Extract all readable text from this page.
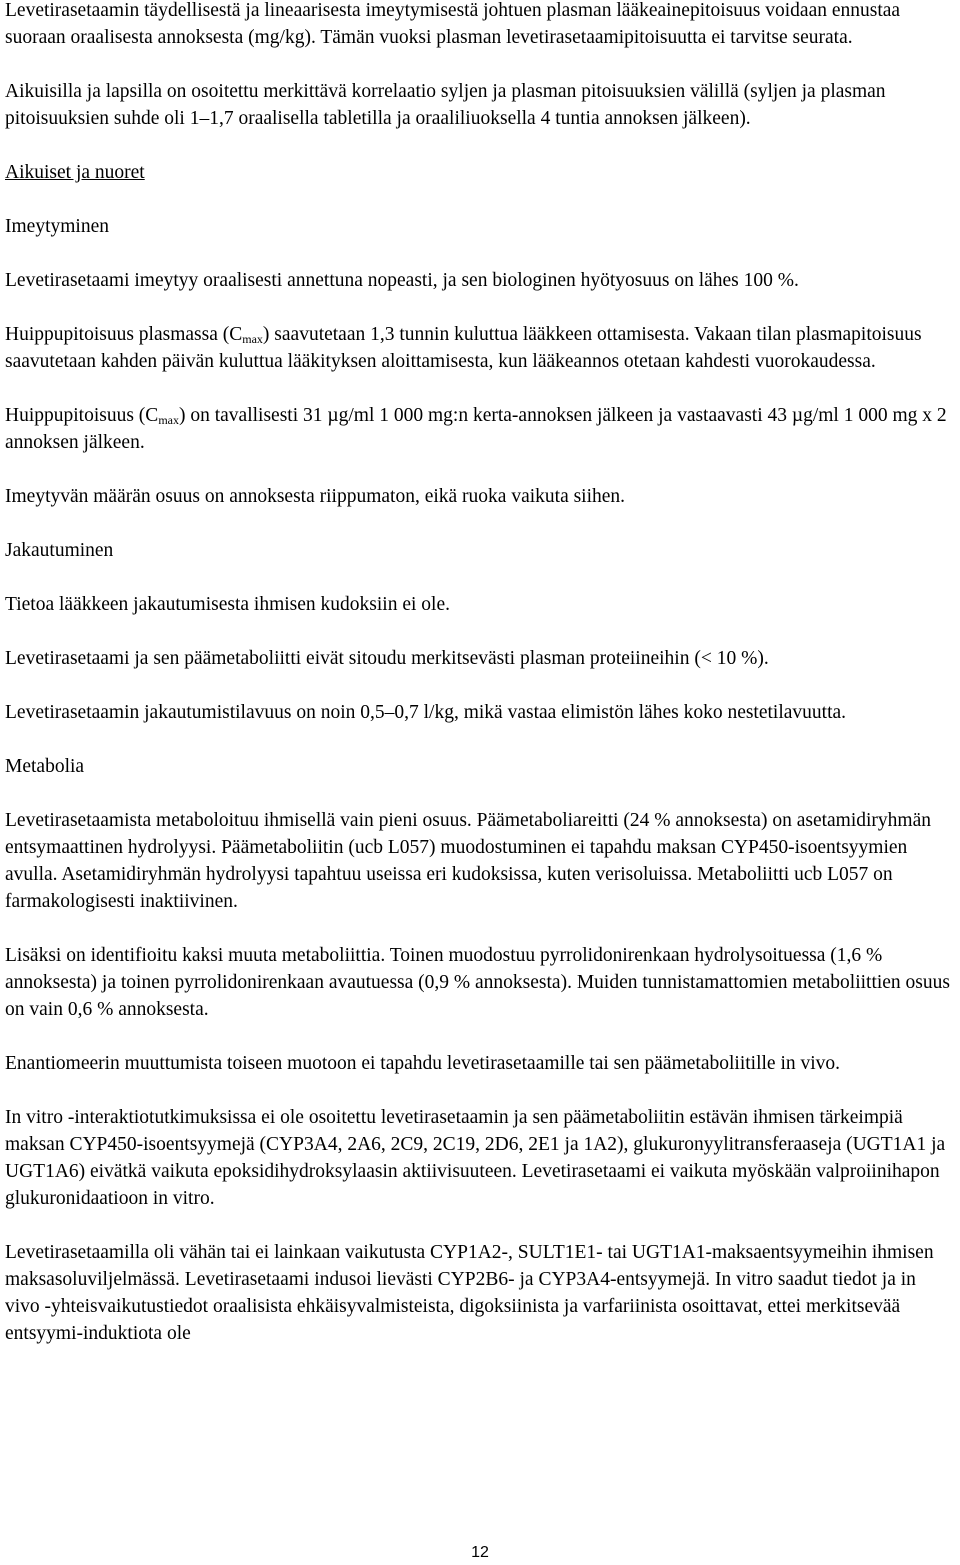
Levetirasetaamin täydellisestä ja lineaarisesta imeytymisestä johtuen plasman lääkeainepitoisuus voidaan ennustaa suoraan oraalisesta annoksesta (mg/kg). Tämän vuoksi plasman levetirasetaamipitoisuutta ei tarvitse seurata.

Aikuisilla ja lapsilla on osoitettu merkittävä korrelaatio syljen ja plasman pitoisuuksien välillä (syljen ja plasman pitoisuuksien suhde oli 1–1,7 oraalisella tabletilla ja oraaliliuoksella 4 tuntia annoksen jälkeen).

Aikuiset ja nuoret

Imeytyminen

Levetirasetaami imeytyy oraalisesti annettuna nopeasti, ja sen biologinen hyötyosuus on lähes 100 %.

Huippupitoisuus plasmassa $(C_{max})$ saavutetaan 1,3 tunnin kuluttua lääkkeen ottamisesta. Vakaan tilan plasmapitoisuus saavutetaan kahden päivän kuluttua lääkityksen aloittamisesta, kun lääkeannos otetaan kahdesti vuorokaudessa.

Huippupitoisuus $(C_{max})$ on tavallisesti 31 µg/ml 1 000 mg:n kerta-annoksen jälkeen ja vastaavasti 43 µg/ml 1 000 mg x 2 annoksen jälkeen.

Imeytyvän määrän osuus on annoksesta riippumaton, eikä ruoka vaikuta siihen.

Jakautuminen

Tietoa lääkkeen jakautumisesta ihmisen kudoksiin ei ole.

Levetirasetaami ja sen päämetaboliitti eivät sitoudu merkitsevästi plasman proteiineihin (< 10 %).

Levetirasetaamin jakautumistilavuus on noin 0,5–0,7 l/kg, mikä vastaa elimistön lähes koko nestetilavuutta.

Metabolia

Levetirasetaamista metaboloituu ihmisellä vain pieni osuus. Päämetaboliareitti (24 % annoksesta) on asetamidiryhmän entsymaattinen hydrolyysi. Päämetaboliitin (ucb L057) muodostuminen ei tapahdu maksan CYP450-isoentsyymien avulla. Asetamidiryhmän hydrolyysi tapahtuu useissa eri kudoksissa, kuten verisoluissa. Metaboliitti ucb L057 on farmakologisesti inaktiivinen.

Lisäksi on identifioitu kaksi muuta metaboliittia. Toinen muodostuu pyrrolidonirenkaan hydrolysoituessa (1,6 % annoksesta) ja toinen pyrrolidonirenkaan avautuessa (0,9 % annoksesta). Muiden tunnistamattomien metaboliittien osuus on vain 0,6 % annoksesta.

Enantiomeerin muuttumista toiseen muotoon ei tapahdu levetirasetaamille tai sen päämetaboliitille in vivo.

In vitro -interaktiotutkimuksissa ei ole osoitettu levetirasetaamin ja sen päämetaboliitin estävän ihmisen tärkeimpiä maksan CYP450-isoentsyymejä (CYP3A4, 2A6, 2C9, 2C19, 2D6, 2E1 ja 1A2), glukuronyylitransferaaseja (UGT1A1 ja UGT1A6) eivätkä vaikuta epoksidihydroksylaasin aktiivisuuteen. Levetirasetaami ei vaikuta myöskään valproiinihapon glukuronidaatioon in vitro.

Levetirasetaamilla oli vähän tai ei lainkaan vaikutusta CYP1A2-, SULT1E1- tai UGT1A1-maksaentsyymeihin ihmisen maksasoluviljelmässä. Levetirasetaami indusoi lievästi CYP2B6- ja CYP3A4-entsyymejä. In vitro saadut tiedot ja in vivo -yhteisvaikutustiedot oraalisista ehkäisyvalmisteista, digoksiinista ja varfariinista osoittavat, ettei merkitsevää entsyymi-induktiota ole

12
